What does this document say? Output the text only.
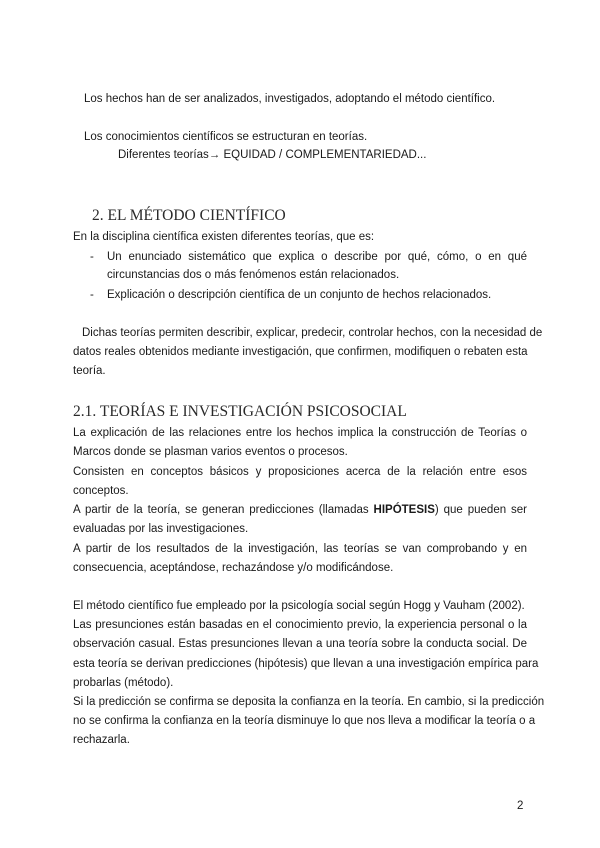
Los hechos han de ser analizados, investigados, adoptando el método científico.
Los conocimientos científicos se estructuran en teorías.
Diferentes teorías→ EQUIDAD / COMPLEMENTARIEDAD...
2. EL MÉTODO CIENTÍFICO
En la disciplina científica existen diferentes teorías, que es:
- Un enunciado sistemático que explica o describe por qué, cómo, o en qué
circunstancias dos o más fenómenos están relacionados.
- Explicación o descripción científica de un conjunto de hechos relacionados.
Dichas teorías permiten describir, explicar, predecir, controlar hechos, con la necesidad de
datos reales obtenidos mediante investigación, que confirmen, modifiquen o rebaten esta
teoría.
2.1. TEORÍAS E INVESTIGACIÓN PSICOSOCIAL
La explicación de las relaciones entre los hechos implica la construcción de Teorías o
Marcos donde se plasman varios eventos o procesos.
Consisten en conceptos básicos y proposiciones acerca de la relación entre esos
conceptos.
A partir de la teoría, se generan predicciones (llamadas HIPÓTESIS) que pueden ser
evaluadas por las investigaciones.
A partir de los resultados de la investigación, las teorías se van comprobando y en
consecuencia, aceptándose, rechazándose y/o modificándose.
El método científico fue empleado por la psicología social según Hogg y Vauham (2002).
Las presunciones están basadas en el conocimiento previo, la experiencia personal o la
observación casual. Estas presunciones llevan a una teoría sobre la conducta social. De
esta teoría se derivan predicciones (hipótesis) que llevan a una investigación empírica para
probarlas (método).
Si la predicción se confirma se deposita la confianza en la teoría. En cambio, si la predicción
no se confirma la confianza en la teoría disminuye lo que nos lleva a modificar la teoría o a
rechazarla.
2
